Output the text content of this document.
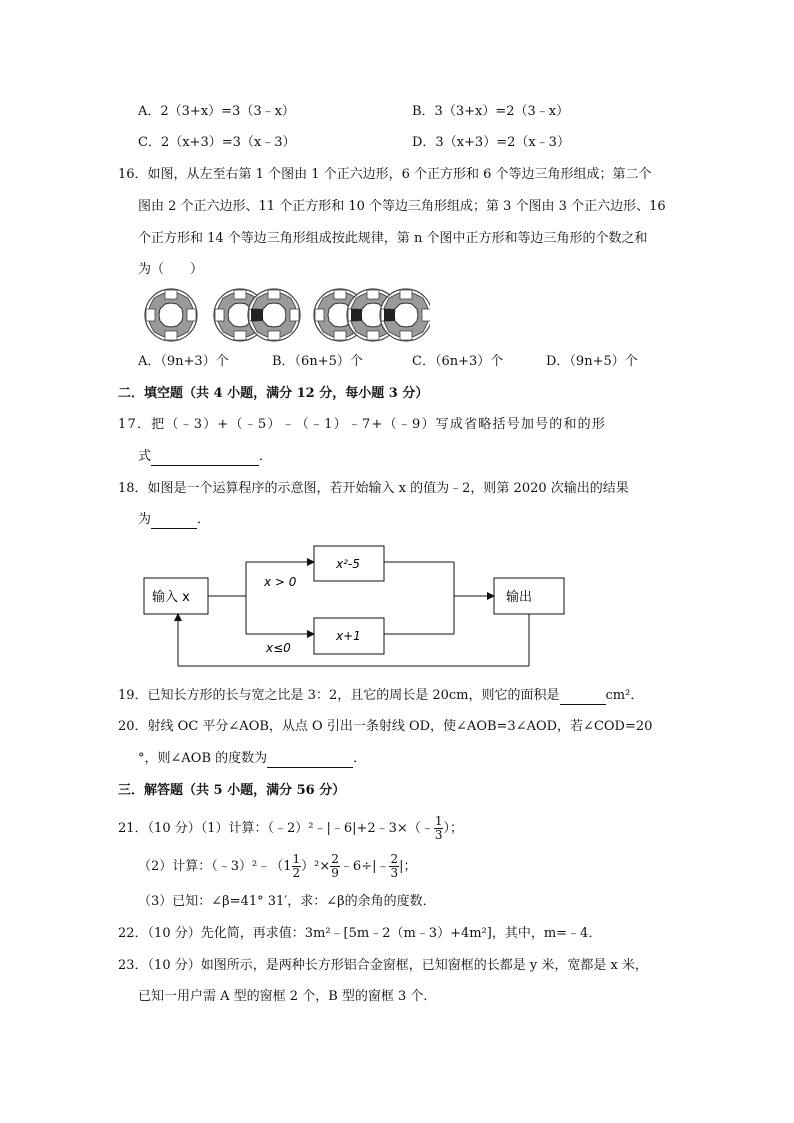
A．2（3+x）=3（3﹣x）	B．3（3+x）=2（3﹣x）
C．2（x+3）=3（x﹣3）	D．3（x+3）=2（x﹣3）
16．如图，从左至右第 1 个图由 1 个正六边形，6 个正方形和 6 个等边三角形组成；第二个
图由 2 个正六边形、11 个正方形和 10 个等边三角形组成；第 3 个图由 3 个正六边形、16
个正方形和 14 个等边三角形组成按此规律，第 n 个图中正方形和等边三角形的个数之和
为（　　）
A．（9n+3）个	B．（6n+5）个	C．（6n+3）个	D．（9n+5）个
二．填空题（共 4 小题，满分 12 分，每小题 3 分）
17．把（﹣3）+（﹣5）﹣（﹣1）﹣7+（﹣9）写成省略括号加号的和的形
式	．
18．如图是一个运算程序的示意图，若开始输入 x 的值为﹣2，则第 2020 次输出的结果
为	．
输入 x	输出
x²-5
x+1
x > 0
x≤0
19．已知长方形的长与宽之比是 3：2，且它的周长是 20cm，则它的面积是	cm²．
20．射线 OC 平分∠AOB，从点 O 引出一条射线 OD，使∠AOB=3∠AOD，若∠COD=20
°，则∠AOB 的度数为	．
三．解答题（共 5 小题，满分 56 分）
21．（10 分）（1）计算：（﹣2）²﹣|﹣6|+2﹣3×（﹣ $\frac{1}{3}$ ）；
（2）计算：（﹣3）²﹣（1 $\frac{1}{2} )^2\times \frac{2}{9}$ ﹣6÷|﹣ $\frac{2}{3}$ |；
（3）已知：∠β=41° 31′，求：∠β的余角的度数．
22．（10 分）先化简，再求值：3m²﹣[5m﹣2（m﹣3）+4m²]，其中，m=﹣4．
23．（10 分）如图所示，是两种长方形铝合金窗框，已知窗框的长都是 y 米，宽都是 x 米，
已知一用户需 A 型的窗框 2 个，B 型的窗框 3 个．
